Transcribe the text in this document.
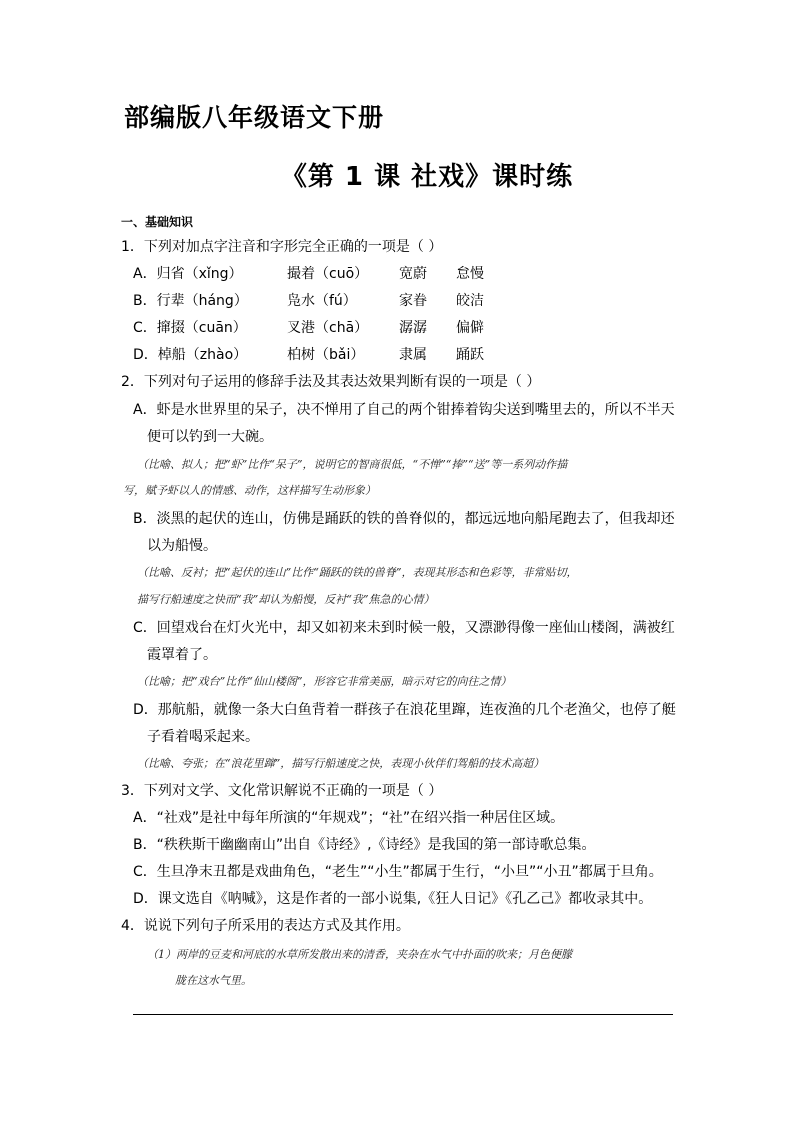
部编版八年级语文下册
《第 1 课 社戏》课时练
一、基础知识
1．下列对加点字注音和字形完全正确的一项是（ ）
A．归省（xǐng）	撮着（cuō） 宽蔚 怠慢
B．行辈（háng）	凫水（fú）	家眷 皎洁
C．撺掇（cuān）	叉港（chā） 潺潺 偏僻
D．棹船（zhào）	柏树（bǎi） 隶属 踊跃
2．下列对句子运用的修辞手法及其表达效果判断有误的一项是（ ）
A．虾是水世界里的呆子，决不惮用了自己的两个钳捧着钩尖送到嘴里去的，所以不半天
便可以钓到一大碗。
（比喻、拟人；把“虾”比作“呆子”，说明它的智商很低，“不惮”“捧”“送”等一系列动作描
写，赋予虾以人的情感、动作，这样描写生动形象）
B．淡黑的起伏的连山，仿佛是踊跃的铁的兽脊似的，都远远地向船尾跑去了，但我却还
以为船慢。
（比喻、反衬；把“起伏的连山”比作“踊跃的铁的兽脊”，表现其形态和色彩等，非常贴切，
描写行船速度之快而“我”却认为船慢，反衬“我”焦急的心情）
C．回望戏台在灯火光中，却又如初来未到时候一般，又漂渺得像一座仙山楼阁，满被红
霞罩着了。
（比喻；把“戏台”比作“仙山楼阁”，形容它非常美丽，暗示对它的向往之情）
D．那航船，就像一条大白鱼背着一群孩子在浪花里蹿，连夜渔的几个老渔父，也停了艇
子看着喝采起来。
（比喻、夸张；在“浪花里蹿”，描写行船速度之快，表现小伙伴们驾船的技术高超）
3．下列对文学、文化常识解说不正确的一项是（ ）
A．“社戏”是社中每年所演的“年规戏”；“社”在绍兴指一种居住区域。
B．“秩秩斯干幽幽南山”出自《诗经》,《诗经》是我国的第一部诗歌总集。
C．生旦净末丑都是戏曲角色，“老生”“小生”都属于生行，“小旦”“小丑”都属于旦角。
D．课文选自《呐喊》，这是作者的一部小说集,《狂人日记》《孔乙己》都收录其中。
4．说说下列句子所采用的表达方式及其作用。
（1）两岸的豆麦和河底的水草所发散出来的清香，夹杂在水气中扑面的吹来；月色便朦
胧在这水气里。
